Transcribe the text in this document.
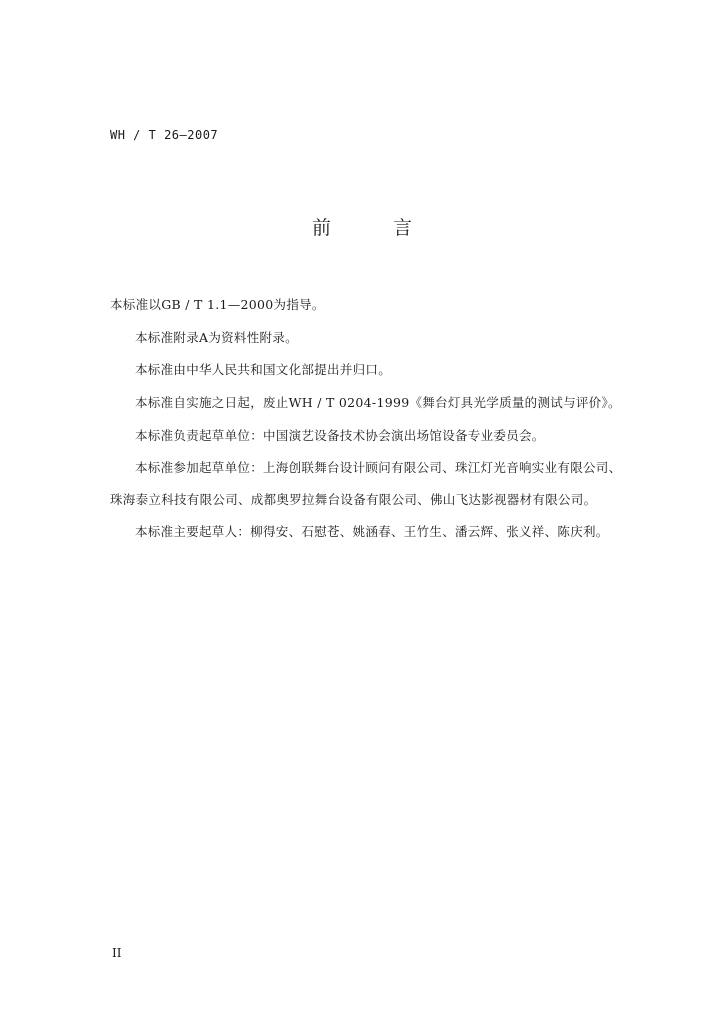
WH / T 26—2007
前 言
本标准以GB / T 1.1—2000为指导。
本标准附录A为资料性附录。
本标准由中华人民共和国文化部提出并归口。
本标准自实施之日起，废止WH / T 0204-1999《舞台灯具光学质量的测试与评价》。
本标准负责起草单位：中国演艺设备技术协会演出场馆设备专业委员会。
本标准参加起草单位：上海创联舞台设计顾问有限公司、珠江灯光音响实业有限公司、
珠海泰立科技有限公司、成都奥罗拉舞台设备有限公司、佛山飞达影视器材有限公司。
本标准主要起草人：柳得安、石慰苍、姚涵春、王竹生、潘云辉、张义祥、陈庆利。
II
